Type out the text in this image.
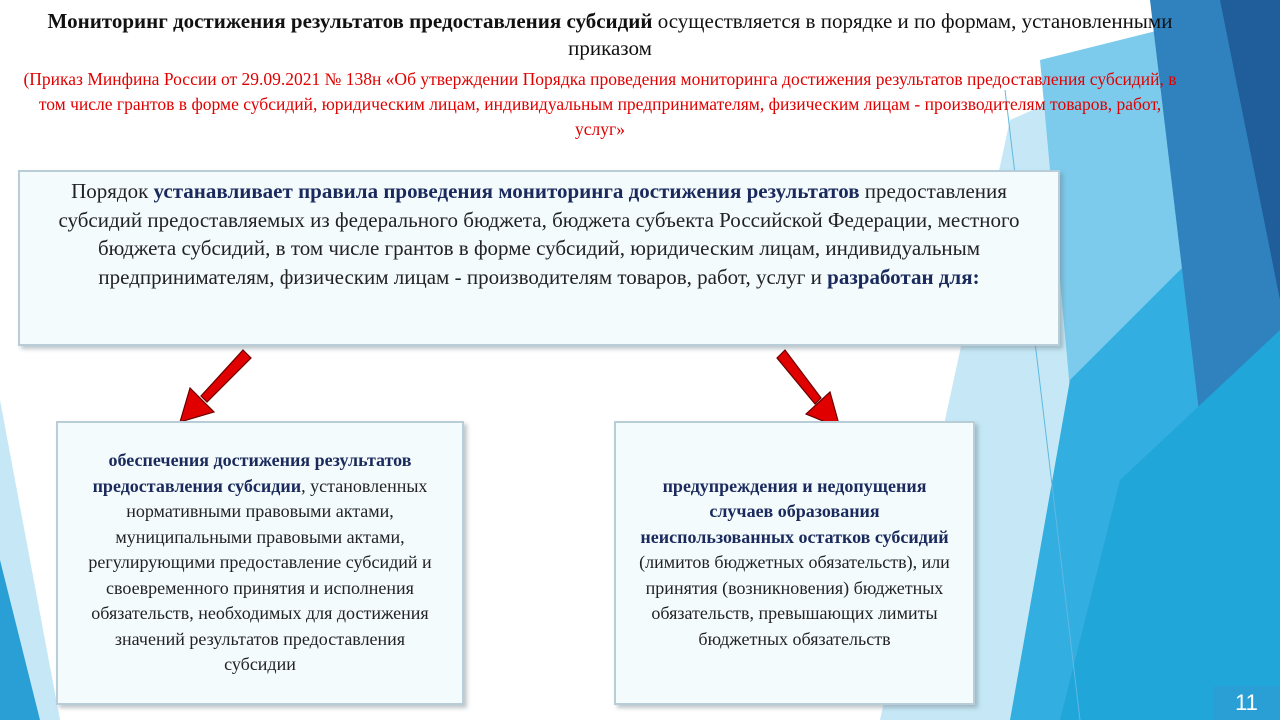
Мониторинг достижения результатов предоставления субсидий осуществляется в порядке и по формам, установленными приказом
(Приказ Минфина России от 29.09.2021 № 138н «Об утверждении Порядка проведения мониторинга достижения результатов предоставления субсидий, в том числе грантов в форме субсидий, юридическим лицам, индивидуальным предпринимателям, физическим лицам - производителям товаров, работ, услуг»
Порядок устанавливает правила проведения мониторинга достижения результатов предоставления субсидий предоставляемых из федерального бюджета, бюджета субъекта Российской Федерации, местного бюджета субсидий, в том числе грантов в форме субсидий, юридическим лицам, индивидуальным предпринимателям, физическим лицам - производителям товаров, работ, услуг и разработан для:
обеспечения достижения результатов предоставления субсидии, установленных нормативными правовыми актами, муниципальными правовыми актами, регулирующими предоставление субсидий и своевременного принятия и исполнения обязательств, необходимых для достижения значений результатов предоставления субсидии
предупреждения и недопущения случаев образования неиспользованных остатков субсидий (лимитов бюджетных обязательств), или принятия (возникновения) бюджетных обязательств, превышающих лимиты бюджетных обязательств
11
